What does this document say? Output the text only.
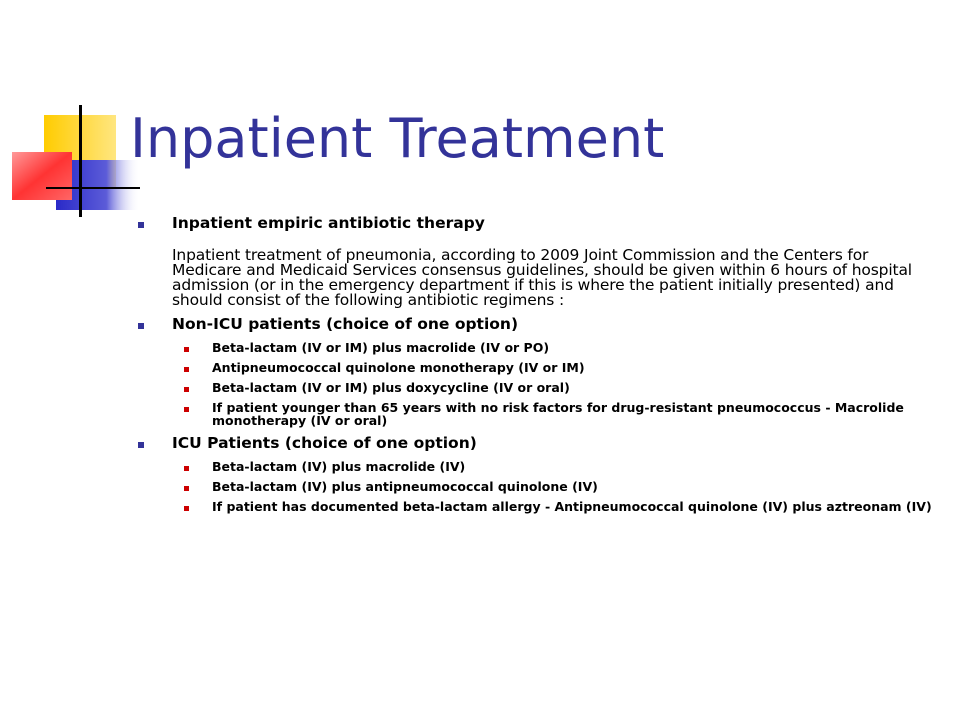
Inpatient Treatment
Inpatient empiric antibiotic therapy
Inpatient treatment of pneumonia, according to 2009 Joint Commission and the Centers for Medicare and Medicaid Services consensus guidelines, should be given within 6 hours of hospital admission (or in the emergency department if this is where the patient initially presented) and should consist of the following antibiotic regimens :
Non-ICU patients (choice of one option)
Beta-lactam (IV or IM) plus macrolide (IV or PO)
Antipneumococcal quinolone monotherapy (IV or IM)
Beta-lactam (IV or IM) plus doxycycline (IV or oral)
If patient younger than 65 years with no risk factors for drug-resistant pneumococcus - Macrolide monotherapy (IV or oral)
ICU Patients (choice of one option)
Beta-lactam (IV) plus macrolide (IV)
Beta-lactam (IV) plus antipneumococcal quinolone (IV)
If patient has documented beta-lactam allergy - Antipneumococcal quinolone (IV) plus aztreonam (IV)
